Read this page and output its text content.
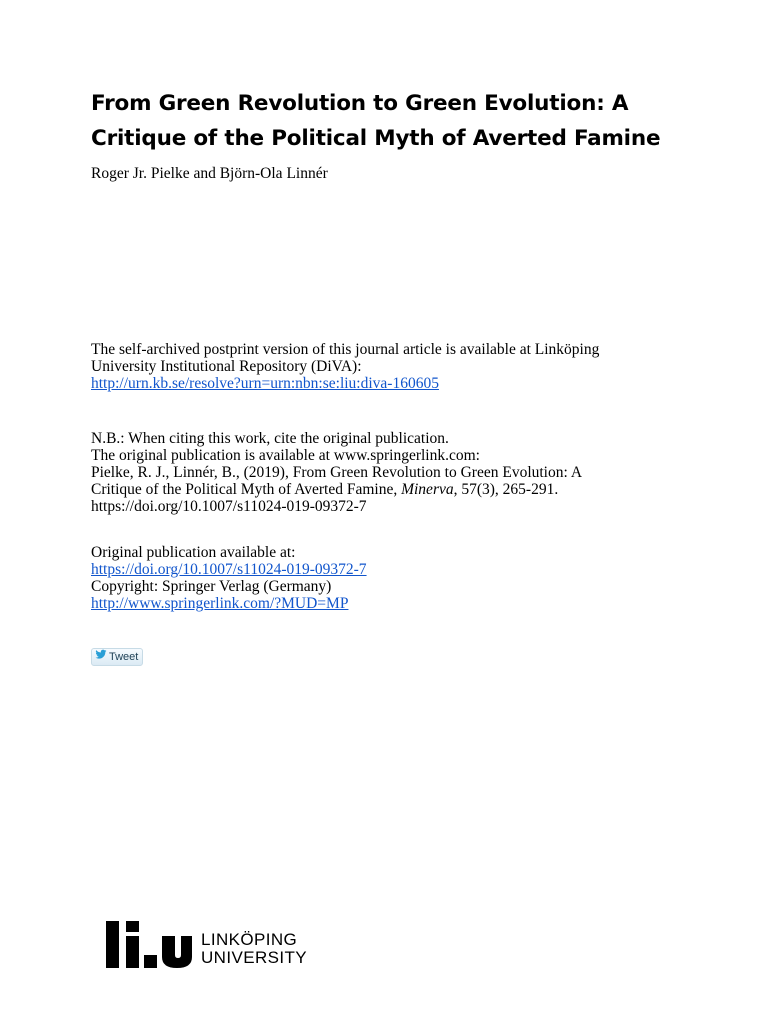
From Green Revolution to Green Evolution: A
Critique of the Political Myth of Averted Famine
Roger Jr. Pielke and Björn-Ola Linnér

The self-archived postprint version of this journal article is available at Linköping

University Institutional Repository (DiVA):

http://urn.kb.se/resolve?urn=urn:nbn:se:liu:diva-160605

N.B.: When citing this work, cite the original publication.

The original publication is available at www.springerlink.com:

Pielke, R. J., Linnér, B., (2019), From Green Revolution to Green Evolution: A

Critique of the Political Myth of Averted Famine, Minerva, 57(3), 265-291.

https://doi.org/10.1007/s11024-019-09372-7

Original publication available at:

https://doi.org/10.1007/s11024-019-09372-7

Copyright: Springer Verlag (Germany)

http://www.springerlink.com/?MUD=MP

Tweet
LINKÖPING
UNIVERSITY
